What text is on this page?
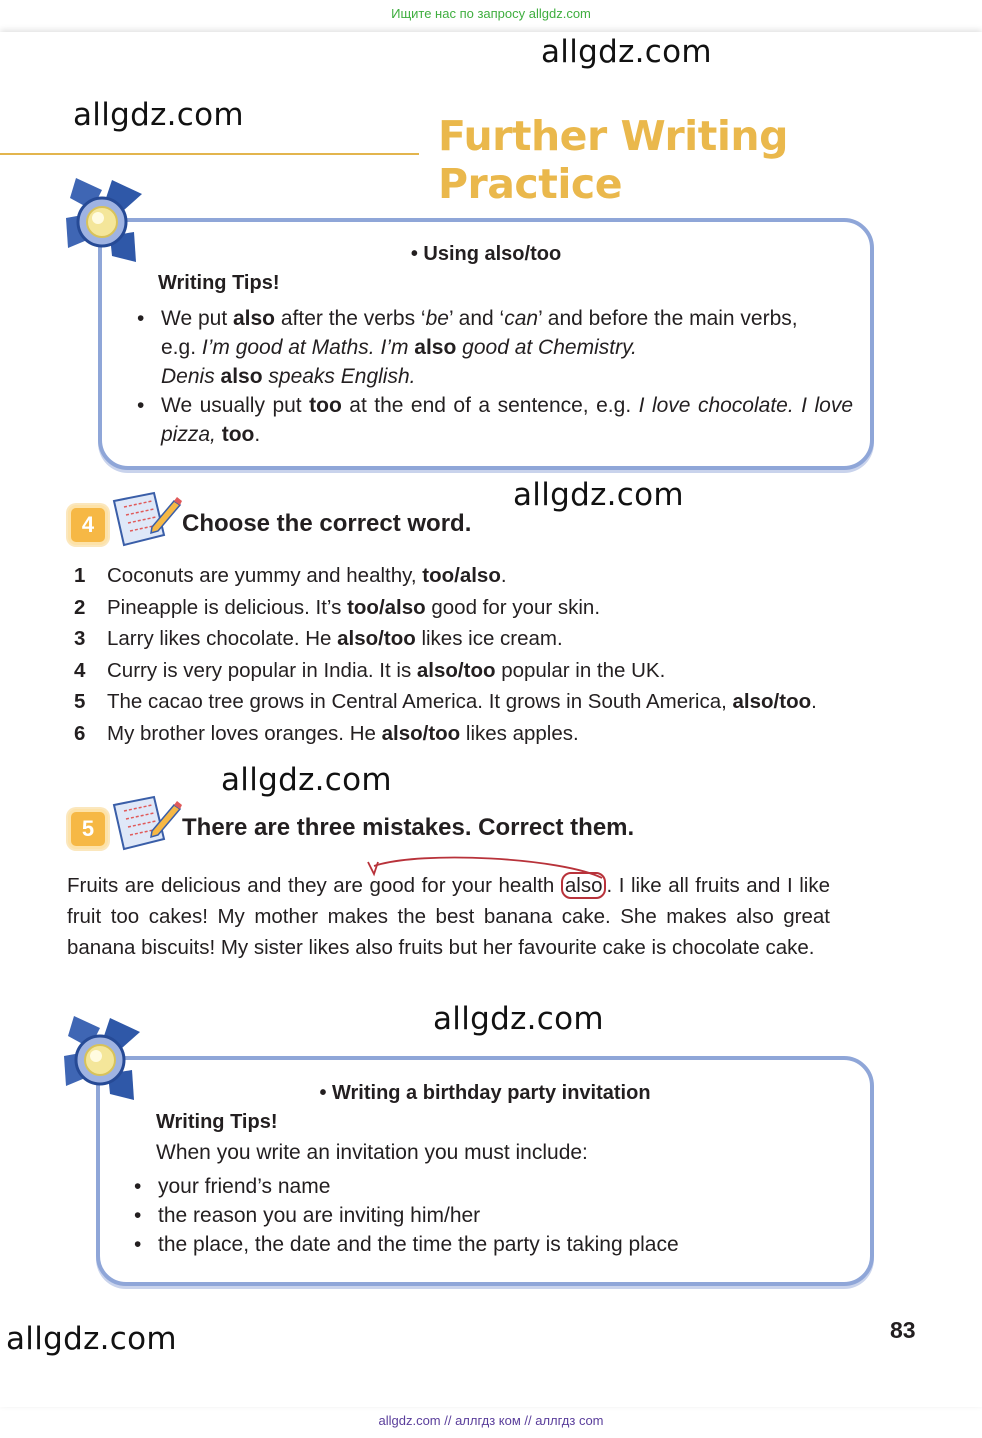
Ищите нас по запросу allgdz.com
allgdz.com
allgdz.com	Further Writing Practice
• Using also/too
Writing Tips!
• We put also after the verbs ‘be’ and ‘can’ and before the main verbs,
e.g. I’m good at Maths. I’m also good at Chemistry.
Denis also speaks English.
• We usually put too at the end of a sentence, e.g. I love chocolate. I love pizza, too.
allgdz.com
4	Choose the correct word.
1 Coconuts are yummy and healthy, too/also.
2 Pineapple is delicious. It’s too/also good for your skin.
3 Larry likes chocolate. He also/too likes ice cream.
4 Curry is very popular in India. It is also/too popular in the UK.
5 The cacao tree grows in Central America. It grows in South America, also/too.
6 My brother loves oranges. He also/too likes apples.
allgdz.com
5	There are three mistakes. Correct them.
Fruits are delicious and they are good for your health also . I like all fruits and I like fruit too cakes! My mother makes the best banana cake. She makes also great banana biscuits! My sister likes also fruits but her favourite cake is chocolate cake.
allgdz.com
• Writing a birthday party invitation
Writing Tips!
When you write an invitation you must include:
• your friend’s name
• the reason you are inviting him/her
• the place, the date and the time the party is taking place
allgdz.com	83
allgdz.com // аллгдз ком // аллгдз com
